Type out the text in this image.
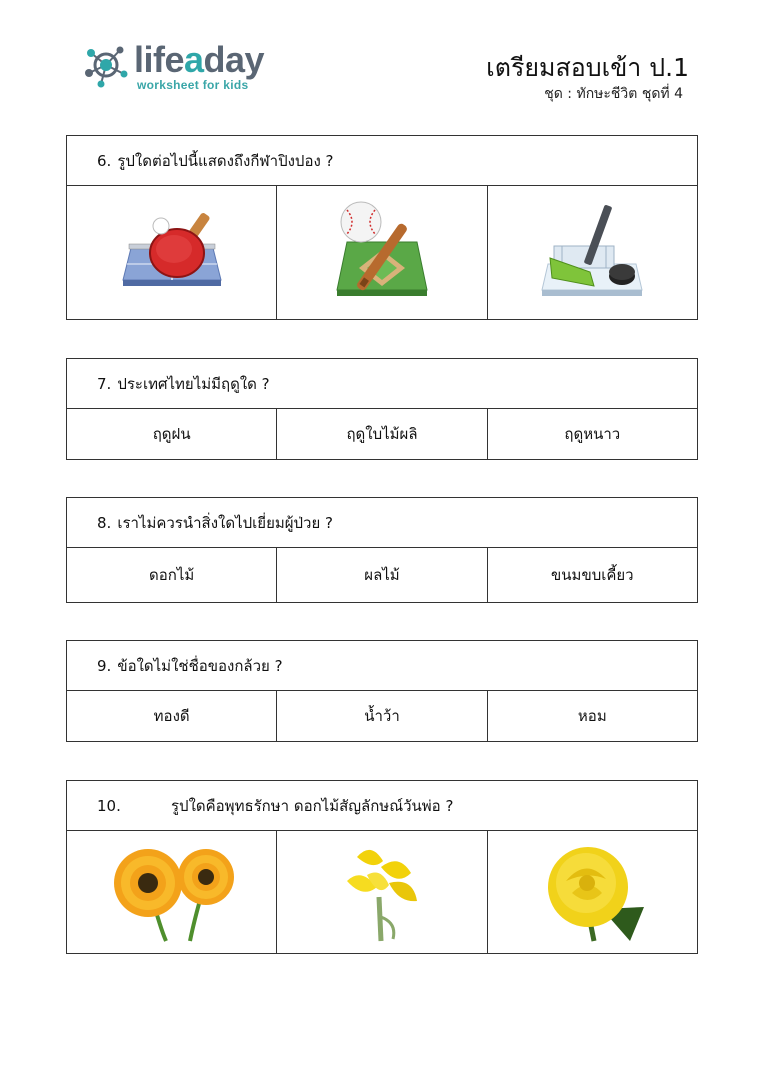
lifeaday
worksheet for kids
เตรียมสอบเข้า ป.1
ชุด : ทักษะชีวิต ชุดที่ 4
6. รูปใดต่อไปนี้แสดงถึงกีฬาปิงปอง ?
7. ประเทศไทยไม่มีฤดูใด ?
ฤดูฝน	ฤดูใบไม้ผลิ	ฤดูหนาว
8. เราไม่ควรนำสิ่งใดไปเยี่ยมผู้ป่วย ?
ดอกไม้	ผลไม้	ขนมขบเคี้ยว
9. ข้อใดไม่ใช่ชื่อของกล้วย ?
ทองดี	น้ำว้า	หอม
10.	รูปใดคือพุทธรักษา ดอกไม้สัญลักษณ์วันพ่อ ?
